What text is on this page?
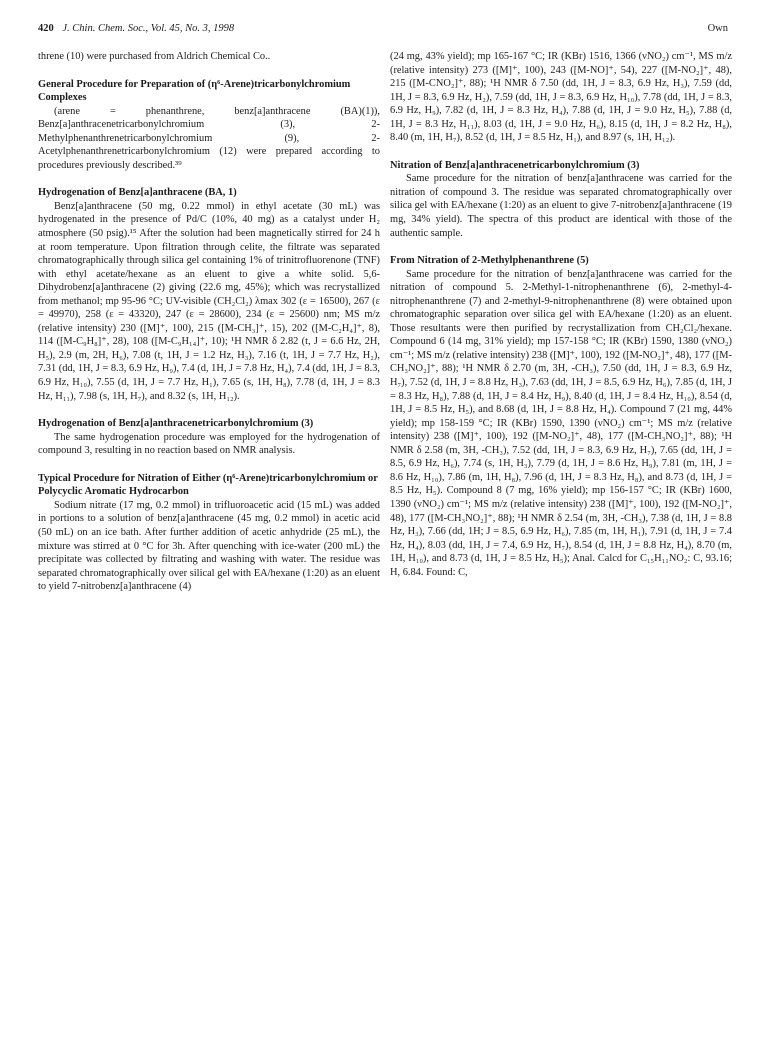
420 J. Chin. Chem. Soc., Vol. 45, No. 3, 1998	Own

threne (10) were purchased from Aldrich Chemical Co..

General Procedure for Preparation of (η⁶-Arene)tricarbonylchromium Complexes

(arene = phenanthrene, benz[a]anthracene (BA)(1)), Benz[a]anthracenetricarbonylchromium (3), 2-Methylphenanthrenetricarbonylchromium (9), 2-Acetylphenanthrenetricarbonylchromium (12) were prepared according to procedures previously described.³⁹

Hydrogenation of Benz[a]anthracene (BA, 1)

Benz[a]anthracene (50 mg, 0.22 mmol) in ethyl acetate (30 mL) was hydrogenated in the presence of Pd/C (10%, 40 mg) as a catalyst under H₂ atmosphere (50 psig).¹⁵ After the solution had been magnetically stirred for 24 h at room temperature. Upon filtration through celite, the filtrate was separated chromatographically through silica gel containing 1% of trinitrofluorenone (TNF) with ethyl acetate/hexane as an eluent to give a white solid. 5,6-Dihydrobenz[a]anthracene (2) giving (22.6 mg, 45%); which was recrystallized from methanol; mp 95-96 °C; UV-visible (CH₂Cl₂) λmax 302 (ε = 16500), 267 (ε = 49970), 258 (ε = 43320), 247 (ε = 28600), 234 (ε = 25600) nm; MS m/z (relative intensity) 230 ([M]⁺, 100), 215 ([M-CH₃]⁺, 15), 202 ([M-C₂H₄]⁺, 8), 114 ([M-C₉H₈]⁺, 28), 108 ([M-C₉H₁₄]⁺, 10); ¹H NMR δ 2.82 (t, J = 6.6 Hz, 2H, H₅), 2.9 (m, 2H, H₆), 7.08 (t, 1H, J = 1.2 Hz, H₃), 7.16 (t, 1H, J = 7.7 Hz, H₂), 7.31 (dd, 1H, J = 8.3, 6.9 Hz, H₉), 7.4 (d, 1H, J = 7.8 Hz, H₄), 7.4 (dd, 1H, J = 8.3, 6.9 Hz, H₁₀), 7.55 (d, 1H, J = 7.7 Hz, H₁), 7.65 (s, 1H, H₈), 7.78 (d, 1H, J = 8.3 Hz, H₁₁), 7.98 (s, 1H, H₇), and 8.32 (s, 1H, H₁₂).

Hydrogenation of Benz[a]anthracenetricarbonylchromium (3)

The same hydrogenation procedure was employed for the hydrogenation of compound 3, resulting in no reaction based on NMR analysis.

Typical Procedure for Nitration of Either (η⁶-Arene)tricarbonylchromium or Polycyclic Aromatic Hydrocarbon

Sodium nitrate (17 mg, 0.2 mmol) in trifluoroacetic acid (15 mL) was added in portions to a solution of benz[a]anthracene (45 mg, 0.2 mmol) in acetic acid (50 mL) on an ice bath. After further addition of acetic anhydride (25 mL), the mixture was stirred at 0 °C for 3h. After quenching with ice-water (200 mL) the precipitate was collected by filtrating and washing with water. The residue was separated chromatographically over silical gel with EA/hexane (1:20) as an eluent to yield 7-nitrobenz[a]anthracene (4)

(24 mg, 43% yield); mp 165-167 °C; IR (KBr) 1516, 1366 (νNO₂) cm⁻¹, MS m/z (relative intensity) 273 ([M]⁺, 100), 243 ([M-NO]⁺, 54), 227 ([M-NO₂]⁺, 48), 215 ([M-CNO₂]⁺, 88); ¹H NMR δ 7.50 (dd, 1H, J = 8.3, 6.9 Hz, H₃), 7.59 (dd, 1H, J = 8.3, 6.9 Hz, H₂), 7.59 (dd, 1H, J = 8.3, 6.9 Hz, H₁₀), 7.78 (dd, 1H, J = 8.3, 6.9 Hz, H₉), 7.82 (d, 1H, J = 8.3 Hz, H₄), 7.88 (d, 1H, J = 9.0 Hz, H₅), 7.88 (d, 1H, J = 8.3 Hz, H₁₁), 8.03 (d, 1H, J = 9.0 Hz, H₆), 8.15 (d, 1H, J = 8.2 Hz, H₈), 8.40 (m, 1H, H₇), 8.52 (d, 1H, J = 8.5 Hz, H₁), and 8.97 (s, 1H, H₁₂).

Nitration of Benz[a]anthracenetricarbonylchromium (3)

Same procedure for the nitration of benz[a]anthracene was carried for the nitration of compound 3. The residue was separated chromatographically over silica gel with EA/hexane (1:20) as an eluent to give 7-nitrobenz[a]anthracene (19 mg, 34% yield). The spectra of this product are identical with those of the authentic sample.

From Nitration of 2-Methylphenanthrene (5)

Same procedure for the nitration of benz[a]anthracene was carried for the nitration of compound 5. 2-Methyl-1-nitrophenanthrene (6), 2-methyl-4-nitrophenanthrene (7) and 2-methyl-9-nitrophenanthrene (8) were obtained upon chromatographic separation over silica gel with EA/hexane (1:20) as an eluent. Those resultants were then purified by recrystallization from CH₂Cl₂/hexane. Compound 6 (14 mg, 31% yield); mp 157-158 °C; IR (KBr) 1590, 1380 (νNO₂) cm⁻¹; MS m/z (relative intensity) 238 ([M]⁺, 100), 192 ([M-NO₂]⁺, 48), 177 ([M-CH₃NO₂]⁺, 88); ¹H NMR δ 2.70 (m, 3H, -CH₃), 7.50 (dd, 1H, J = 8.3, 6.9 Hz, H₇), 7.52 (d, 1H, J = 8.8 Hz, H₃), 7.63 (dd, 1H, J = 8.5, 6.9 Hz, H₆), 7.85 (d, 1H, J = 8.3 Hz, H₈), 7.88 (d, 1H, J = 8.4 Hz, H₉), 8.40 (d, 1H, J = 8.4 Hz, H₁₀), 8.54 (d, 1H, J = 8.5 Hz, H₅), and 8.68 (d, 1H, J = 8.8 Hz, H₄). Compound 7 (21 mg, 44% yield); mp 158-159 °C; IR (KBr) 1590, 1390 (νNO₂) cm⁻¹; MS m/z (relative intensity) 238 ([M]⁺, 100), 192 ([M-NO₂]⁺, 48), 177 ([M-CH₃NO₂]⁺, 88); ¹H NMR δ 2.58 (m, 3H, -CH₃), 7.52 (dd, 1H, J = 8.3, 6.9 Hz, H₇), 7.65 (dd, 1H, J = 8.5, 6.9 Hz, H₆), 7.74 (s, 1H, H₃), 7.79 (d, 1H, J = 8.6 Hz, H₉), 7.81 (m, 1H, J = 8.6 Hz, H₁₀), 7.86 (m, 1H, H₈), 7.96 (d, 1H, J = 8.3 Hz, H₈), and 8.73 (d, 1H, J = 8.5 Hz, H₅). Compound 8 (7 mg, 16% yield); mp 156-157 °C; IR (KBr) 1600, 1390 (νNO₂) cm⁻¹; MS m/z (relative intensity) 238 ([M]⁺, 100), 192 ([M-NO₂]⁺, 48), 177 ([M-CH₃NO₂]⁺, 88); ¹H NMR δ 2.54 (m, 3H, -CH₃), 7.38 (d, 1H, J = 8.8 Hz, H₃), 7.66 (dd, 1H; J = 8.5, 6.9 Hz, H₆), 7.85 (m, 1H, H₁), 7.91 (d, 1H, J = 7.4 Hz, H₄), 8.03 (dd, 1H, J = 7.4, 6.9 Hz, H₇), 8.54 (d, 1H, J = 8.8 Hz, H₄), 8.70 (m, 1H, H₁₀), and 8.73 (d, 1H, J = 8.5 Hz, H₅); Anal. Calcd for C₁₅H₁₁NO₂: C, 93.16; H, 6.84. Found: C,
